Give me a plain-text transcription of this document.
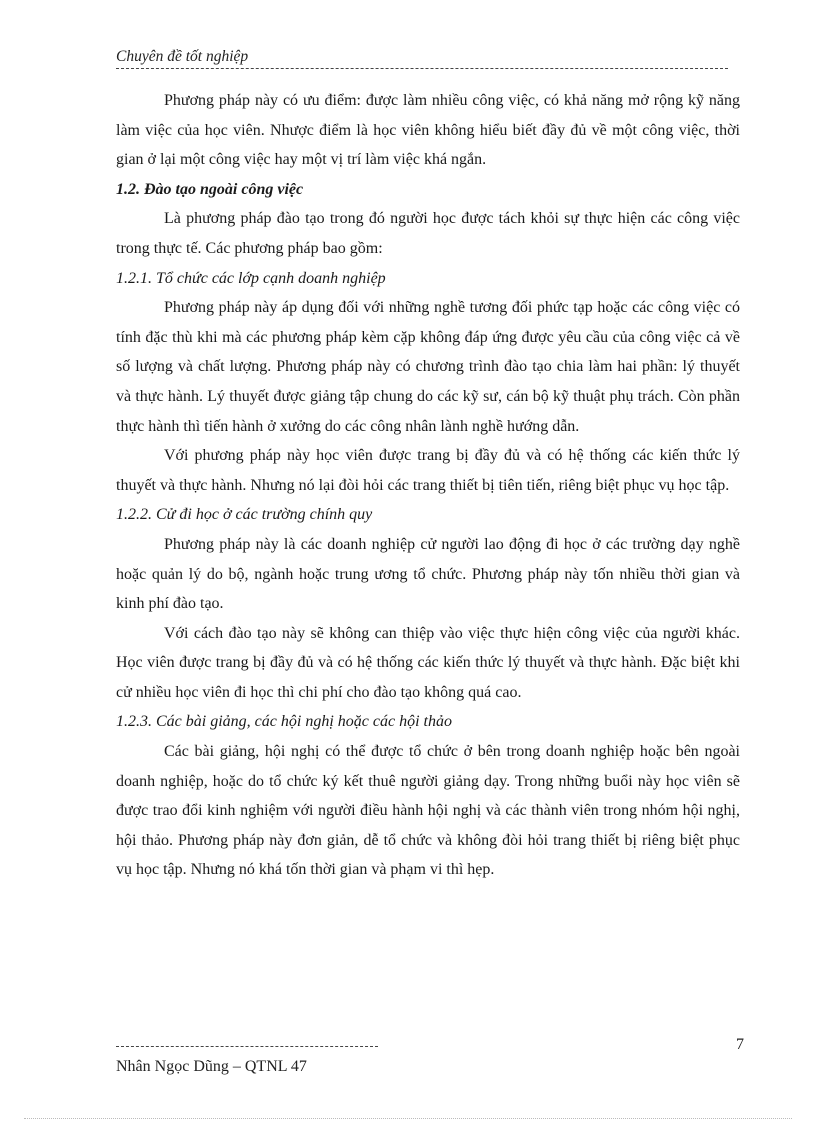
Chuyên đề tốt nghiệp

Phương pháp này có ưu điểm: được làm nhiều công việc, có khả năng mở rộng kỹ năng làm việc của học viên. Nhược điểm là học viên không hiểu biết đầy đủ về một công việc, thời gian ở lại một công việc hay một vị trí làm việc khá ngắn.

1.2. Đào tạo ngoài công việc

Là phương pháp đào tạo trong đó người học được tách khỏi sự thực hiện các công việc trong thực tế. Các phương pháp bao gồm:

1.2.1. Tổ chức các lớp cạnh doanh nghiệp

Phương pháp này áp dụng đối với những nghề tương đối phức tạp hoặc các công việc có tính đặc thù khi mà các phương pháp kèm cặp không đáp ứng được yêu cầu của công việc cả về số lượng và chất lượng. Phương pháp này có chương trình đào tạo chia làm hai phần: lý thuyết và thực hành. Lý thuyết được giảng tập chung do các kỹ sư, cán bộ kỹ thuật phụ trách. Còn phần thực hành thì tiến hành ở xưởng do các công nhân lành nghề hướng dẫn.

Với phương pháp này học viên được trang bị đầy đủ và có hệ thống các kiến thức lý thuyết và thực hành. Nhưng nó lại đòi hỏi các trang thiết bị tiên tiến, riêng biệt phục vụ học tập.

1.2.2. Cử đi học ở các trường chính quy

Phương pháp này là các doanh nghiệp cử người lao động đi học ở các trường dạy nghề hoặc quản lý do bộ, ngành hoặc trung ương tổ chức. Phương pháp này tốn nhiều thời gian và kinh phí đào tạo.

Với cách đào tạo này sẽ không can thiệp vào việc thực hiện công việc của người khác. Học viên được trang bị đầy đủ và có hệ thống các kiến thức lý thuyết và thực hành. Đặc biệt khi cử nhiều học viên đi học thì chi phí cho đào tạo không quá cao.

1.2.3. Các bài giảng, các hội nghị hoặc các hội thảo

Các bài giảng, hội nghị có thể được tổ chức ở bên trong doanh nghiệp hoặc bên ngoài doanh nghiệp, hoặc do tổ chức ký kết thuê người giảng dạy. Trong những buổi này học viên sẽ được trao đổi kinh nghiệm với người điều hành hội nghị và các thành viên trong nhóm hội nghị, hội thảo. Phương pháp này đơn giản, dễ tổ chức và không đòi hỏi trang thiết bị riêng biệt phục vụ học tập. Nhưng nó khá tốn thời gian và phạm vi thì hẹp.

7
Nhân Ngọc Dũng – QTNL 47
